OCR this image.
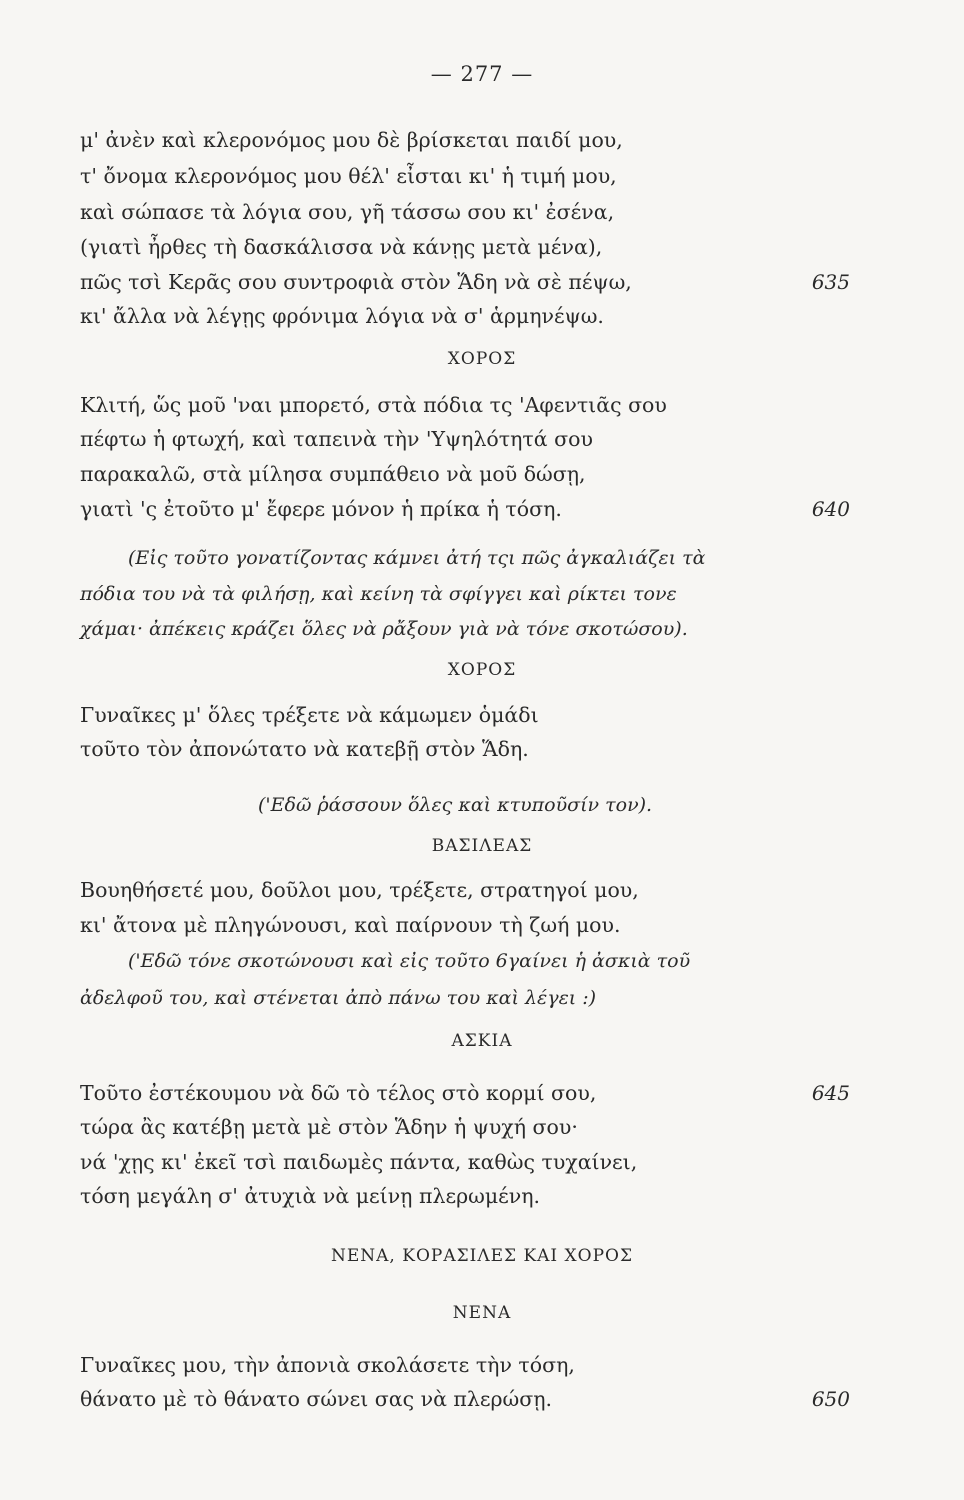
— 277 —
μ' ἀνὲν καὶ κλερονόμος μου δὲ βρίσκεται παιδί μου,
τ' ὄνομα κλερονόμος μου θέλ' εἶσται κι' ἡ τιμή μου,
καὶ σώπασε τὰ λόγια σου, γῆ τάσσω σου κι' ἐσένα,
(γιατὶ ἦρθες τὴ δασκάλισσα νὰ κάνῃς μετὰ μένα),
πῶς τσὶ Κερᾶς σου συντροφιὰ στὸν Ἅδη νὰ σὲ πέψω,	635
κι' ἄλλα νὰ λέγῃς φρόνιμα λόγια νὰ σ' ἁρμηνέψω.
ΧΟΡΟΣ
Κλιτή, ὥς μοῦ 'ναι μπορετό, στὰ πόδια τς 'Αφεντιᾶς σου
πέφτω ἡ φτωχή, καὶ ταπεινὰ τὴν 'Υψηλότητά σου
παρακαλῶ, στὰ μίλησα συμπάθειο νὰ μοῦ δώσῃ,
γιατὶ 'ς ἐτοῦτο μ' ἔφερε μόνον ἡ πρίκα ἡ τόση.	640
(Εἰς τοῦτο γονατίζοντας κάμνει ἀτή τςι πῶς ἀγκαλιάζει τὰ
πόδια του νὰ τὰ φιλήσῃ, καὶ κείνη τὰ σφίγγει καὶ ρίκτει τονε
χάμαι· ἀπέκεις κράζει ὅλες νὰ ρἄξουν γιὰ νὰ τόνε σκοτώσου).
ΧΟΡΟΣ
Γυναῖκες μ' ὅλες τρέξετε νὰ κάμωμεν ὁμάδι
τοῦτο τὸν ἀπονώτατο νὰ κατεβῇ στὸν Ἅδη.
('Εδῶ ῥάσσουν ὅλες καὶ κτυποῦσίν τον).
ΒΑΣΙΛΕΑΣ
Βουηθήσετέ μου, δοῦλοι μου, τρέξετε, στρατηγοί μου,
κι' ἄτονα μὲ πληγώνουσι, καὶ παίρνουν τὴ ζωή μου.
('Εδῶ τόνε σκοτώνουσι καὶ εἰς τοῦτο 6γαίνει ἡ ἀσκιὰ τοῦ
ἀδελφοῦ του, καὶ στένεται ἀπὸ πάνω του καὶ λέγει :)
ΑΣΚΙΑ
Τοῦτο ἐστέκουμου νὰ δῶ τὸ τέλος στὸ κορμί σου,	645
τώρα ἂς κατέβῃ μετὰ μὲ στὸν Ἅδην ἡ ψυχή σου·
νά 'χῃς κι' ἐκεῖ τσὶ παιδωμὲς πάντα, καθὼς τυχαίνει,
τόση μεγάλη σ' ἀτυχιὰ νὰ μείνῃ πλερωμένη.
ΝΕΝΑ, ΚΟΡΑΣΙΛΕΣ ΚΑΙ ΧΟΡΟΣ
ΝΕΝΑ
Γυναῖκες μου, τὴν ἀπονιὰ σκολάσετε τὴν τόση,
θάνατο μὲ τὸ θάνατο σώνει σας νὰ πλερώσῃ.	650
